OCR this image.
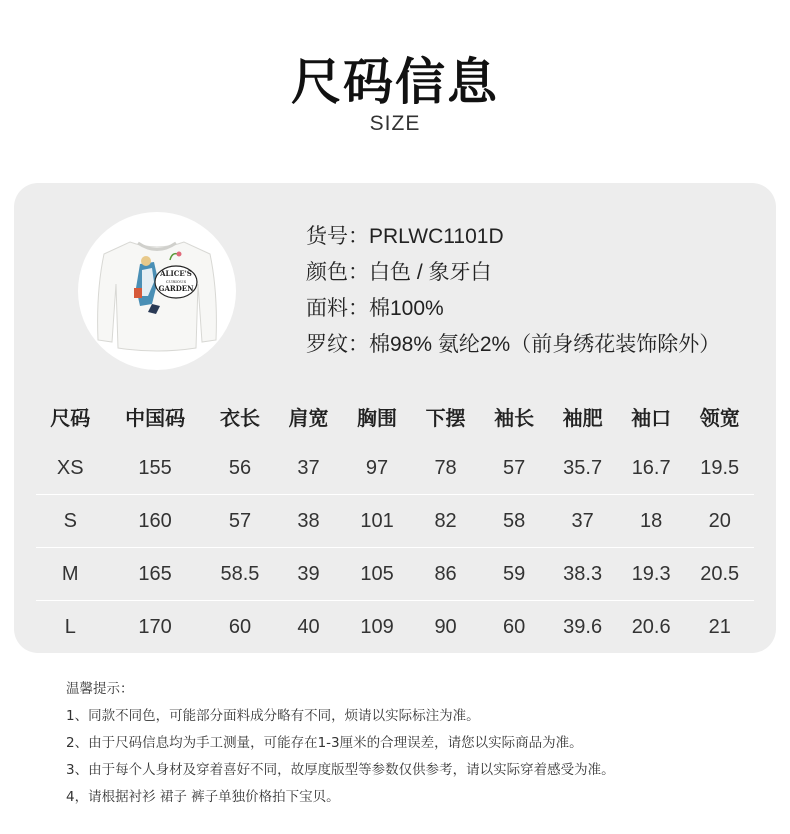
尺码信息
SIZE
ALICE'S
CURIOUS
GARDEN
货号：PRLWC1101D
颜色：白色 / 象牙白
面料：棉100%
罗纹：棉98% 氨纶2%（前身绣花装饰除外）
尺码	中国码	衣长	肩宽	胸围	下摆	袖长	袖肥	袖口	领宽
XS	155	56	37	97	78	57	35.7	16.7	19.5
S	160	57	38	101	82	58	37	18	20
M	165	58.5	39	105	86	59	38.3	19.3	20.5
L	170	60	40	109	90	60	39.6	20.6	21
温馨提示：
1、同款不同色，可能部分面料成分略有不同，烦请以实际标注为准。
2、由于尺码信息均为手工测量，可能存在1-3厘米的合理误差，请您以实际商品为准。
3、由于每个人身材及穿着喜好不同，故厚度版型等参数仅供参考，请以实际穿着感受为准。
4，请根据衬衫 裙子 裤子单独价格拍下宝贝。
